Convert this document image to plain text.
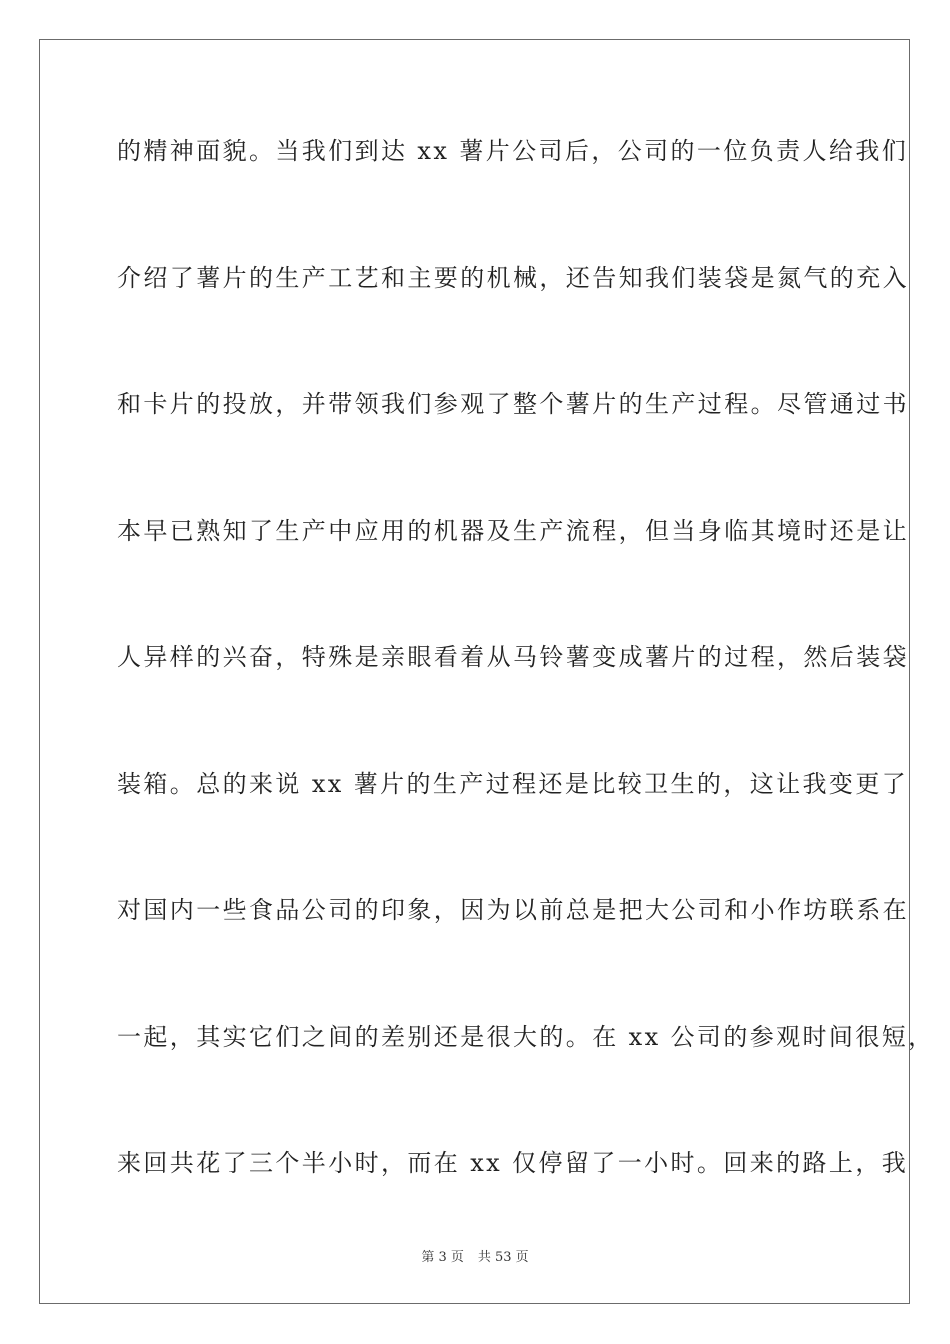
的精神面貌。当我们到达 xx 薯片公司后，公司的一位负责人给我们
介绍了薯片的生产工艺和主要的机械，还告知我们装袋是氮气的充入
和卡片的投放，并带领我们参观了整个薯片的生产过程。尽管通过书
本早已熟知了生产中应用的机器及生产流程，但当身临其境时还是让
人异样的兴奋，特殊是亲眼看着从马铃薯变成薯片的过程，然后装袋
装箱。总的来说 xx 薯片的生产过程还是比较卫生的，这让我变更了
对国内一些食品公司的印象，因为以前总是把大公司和小作坊联系在
一起，其实它们之间的差别还是很大的。在 xx 公司的参观时间很短，
来回共花了三个半小时，而在 xx 仅停留了一小时。回来的路上，我
第 3 页 共 53 页
